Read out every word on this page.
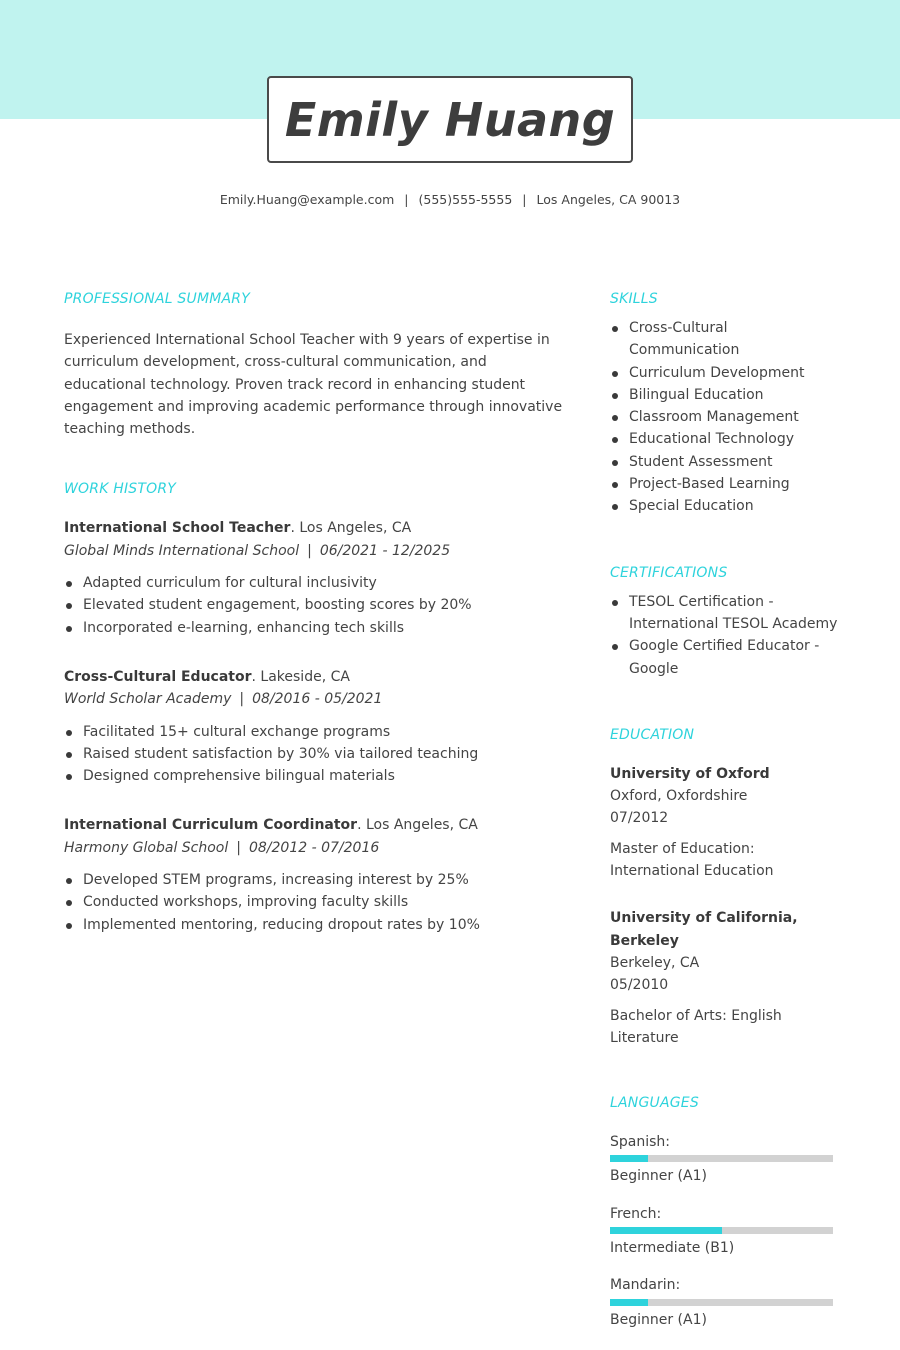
Emily Huang
Emily.Huang@example.com | (555)555-5555 | Los Angeles, CA 90013
PROFESSIONAL SUMMARY

Experienced International School Teacher with 9 years of expertise in curriculum development, cross-cultural communication, and educational technology. Proven track record in enhancing student engagement and improving academic performance through innovative teaching methods.

WORK HISTORY
International School Teacher. Los Angeles, CA
Global Minds International School | 06/2021 - 12/2025
Adapted curriculum for cultural inclusivity
Elevated student engagement, boosting scores by 20%
Incorporated e-learning, enhancing tech skills
Cross-Cultural Educator. Lakeside, CA
World Scholar Academy | 08/2016 - 05/2021
Facilitated 15+ cultural exchange programs
Raised student satisfaction by 30% via tailored teaching
Designed comprehensive bilingual materials
International Curriculum Coordinator. Los Angeles, CA
Harmony Global School | 08/2012 - 07/2016
Developed STEM programs, increasing interest by 25%
Conducted workshops, improving faculty skills
Implemented mentoring, reducing dropout rates by 10%
SKILLS
Cross-Cultural Communication
Curriculum Development
Bilingual Education
Classroom Management
Educational Technology
Student Assessment
Project-Based Learning
Special Education
CERTIFICATIONS
TESOL Certification - International TESOL Academy
Google Certified Educator - Google
EDUCATION
University of Oxford
Oxford, Oxfordshire
07/2012
Master of Education: International Education
University of California, Berkeley
Berkeley, CA
05/2010
Bachelor of Arts: English Literature
LANGUAGES
Spanish:
Beginner (A1)
French:
Intermediate (B1)
Mandarin:
Beginner (A1)
